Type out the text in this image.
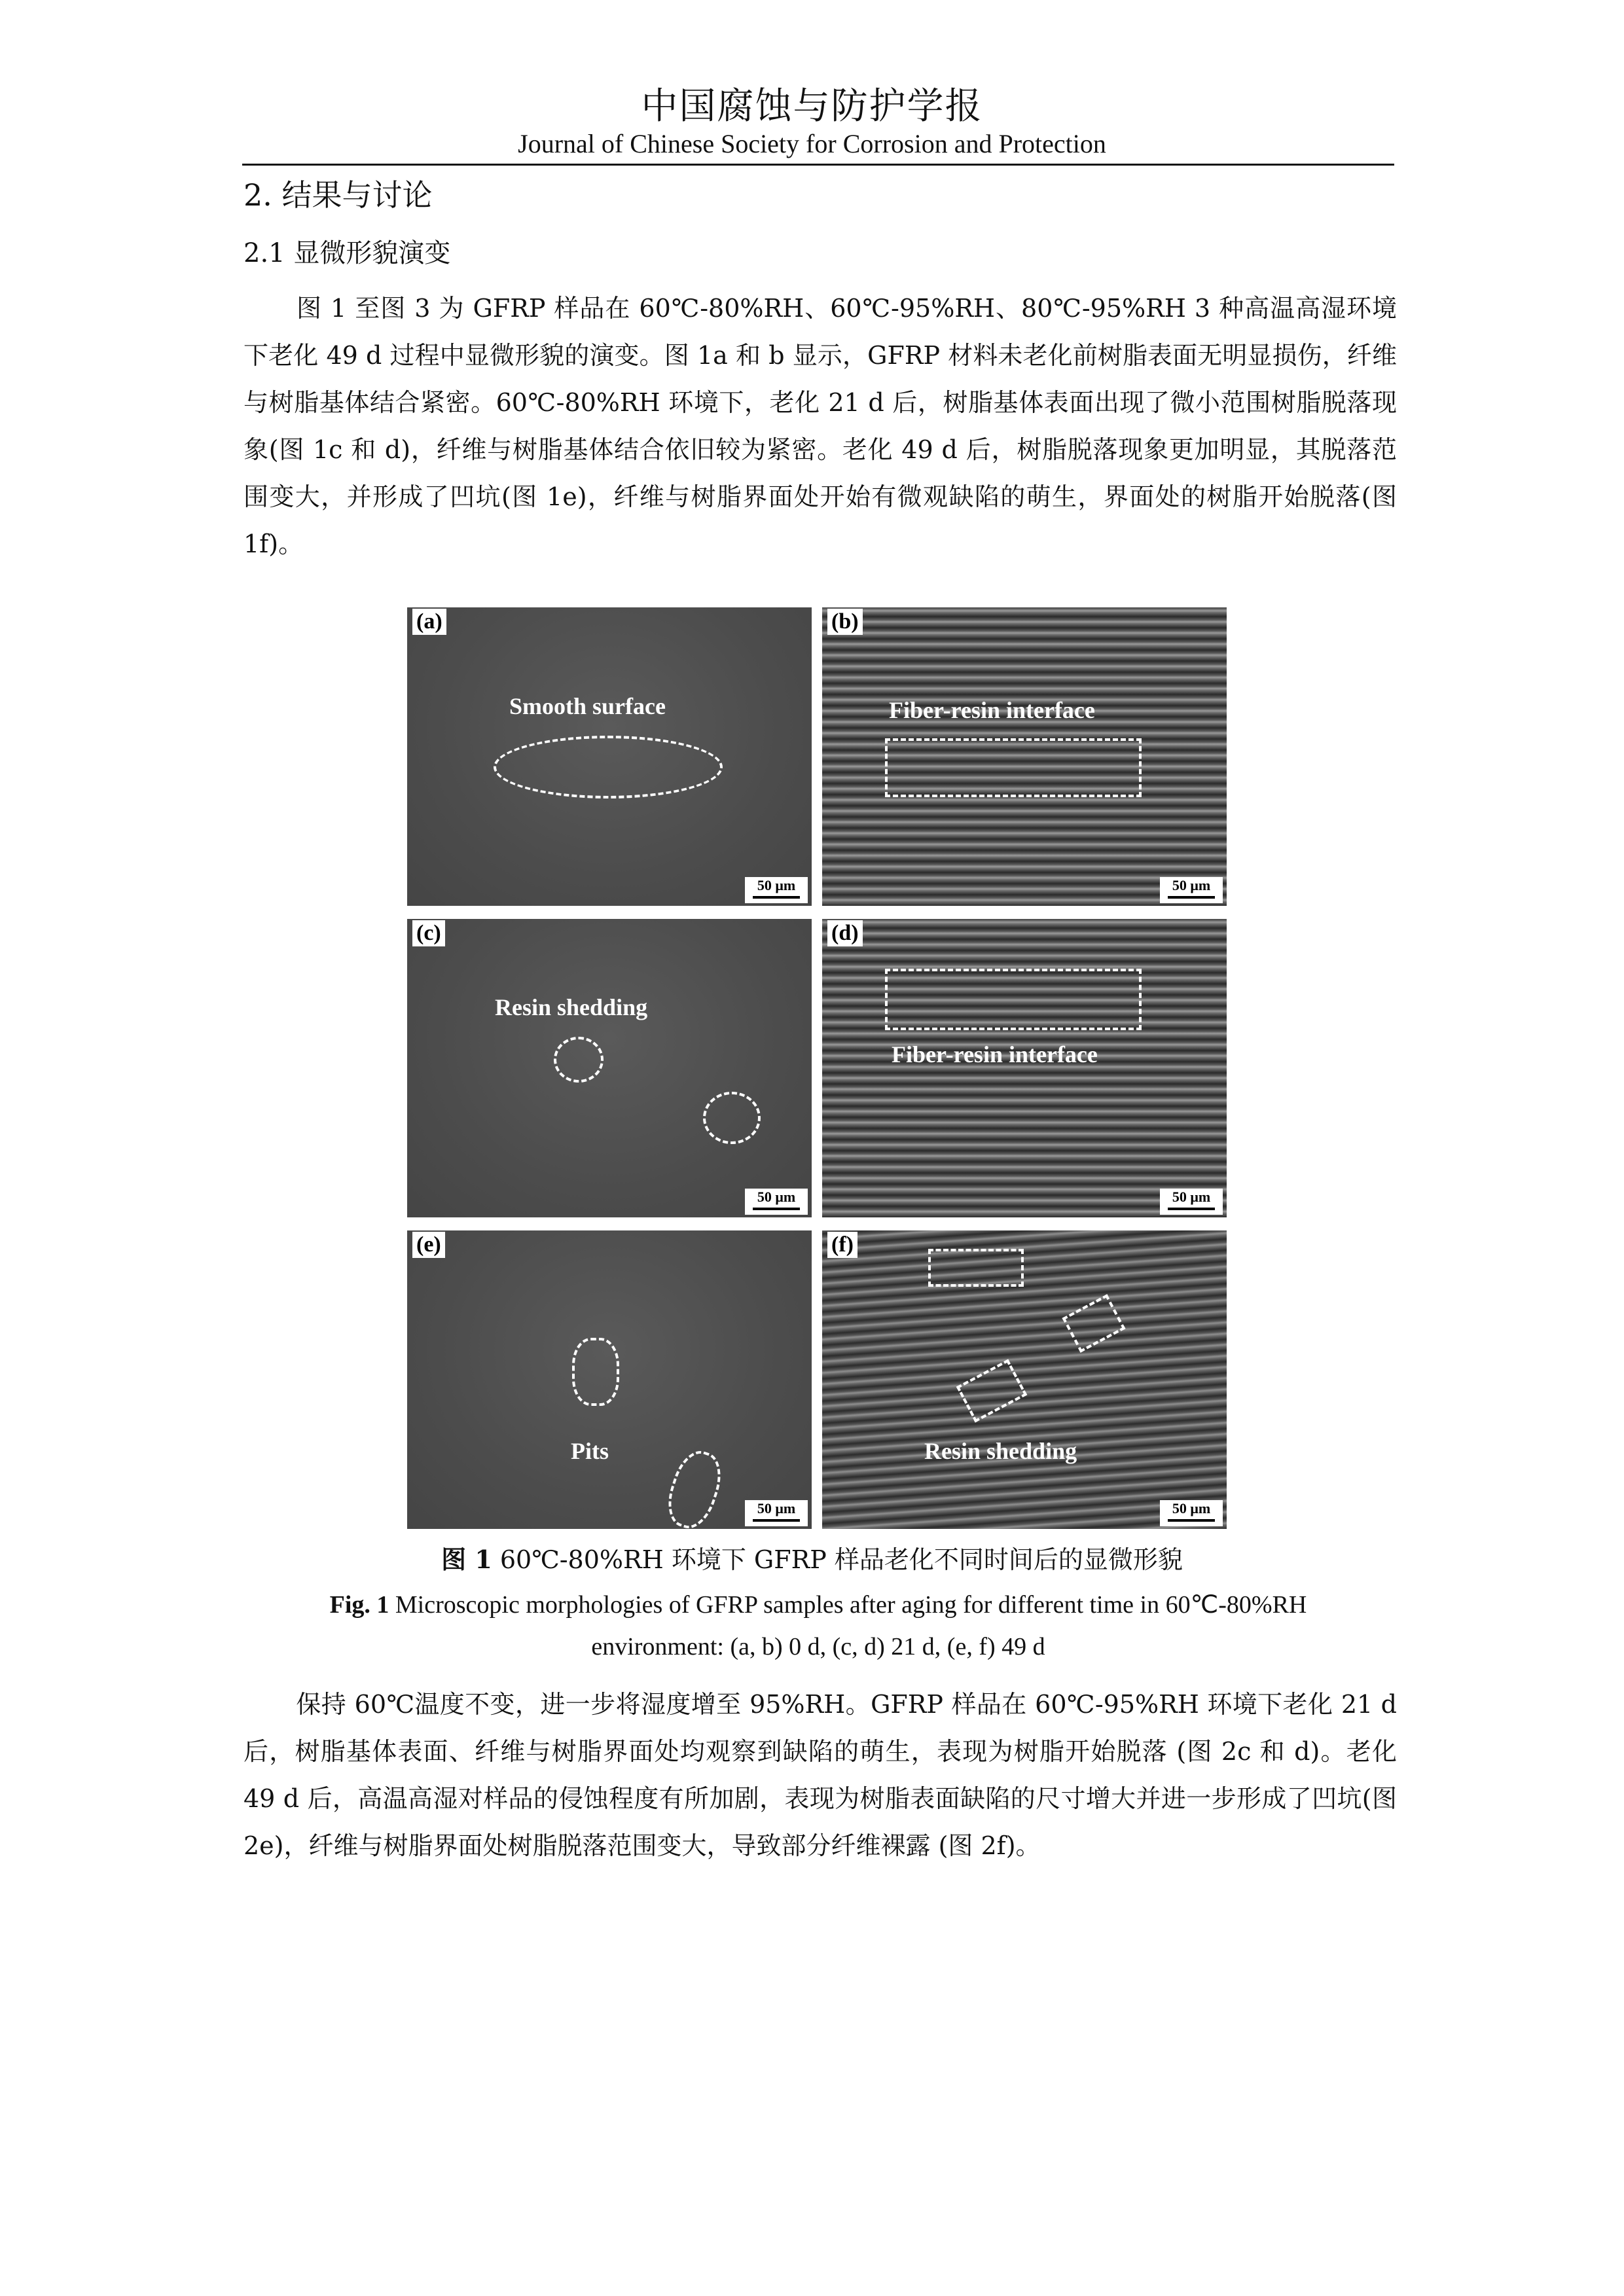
中国腐蚀与防护学报
Journal of Chinese Society for Corrosion and Protection
2. 结果与讨论
2.1 显微形貌演变
图 1 至图 3 为 GFRP 样品在 60℃-80%RH、60℃-95%RH、80℃-95%RH 3 种高温高湿环境下老化 49 d 过程中显微形貌的演变。图 1a 和 b 显示，GFRP 材料未老化前树脂表面无明显损伤，纤维与树脂基体结合紧密。60℃-80%RH 环境下，老化 21 d 后，树脂基体表面出现了微小范围树脂脱落现象(图 1c 和 d)，纤维与树脂基体结合依旧较为紧密。老化 49 d 后，树脂脱落现象更加明显，其脱落范围变大，并形成了凹坑(图 1e)，纤维与树脂界面处开始有微观缺陷的萌生，界面处的树脂开始脱落(图 1f)。
(a)
Smooth surface
50 μm
(b)
Fiber-resin interface
50 μm
(c)
Resin shedding
50 μm
(d)
Fiber-resin interface
50 μm
(e)
Pits
50 μm
(f)
Resin shedding
50 μm
图 1 60℃-80%RH 环境下 GFRP 样品老化不同时间后的显微形貌
Fig. 1 Microscopic morphologies of GFRP samples after aging for different time in 60℃-80%RH environment: (a, b) 0 d, (c, d) 21 d, (e, f) 49 d
保持 60℃温度不变，进一步将湿度增至 95%RH。GFRP 样品在 60℃-95%RH 环境下老化 21 d 后，树脂基体表面、纤维与树脂界面处均观察到缺陷的萌生，表现为树脂开始脱落 (图 2c 和 d)。老化 49 d 后，高温高湿对样品的侵蚀程度有所加剧，表现为树脂表面缺陷的尺寸增大并进一步形成了凹坑(图 2e)，纤维与树脂界面处树脂脱落范围变大，导致部分纤维裸露 (图 2f)。
